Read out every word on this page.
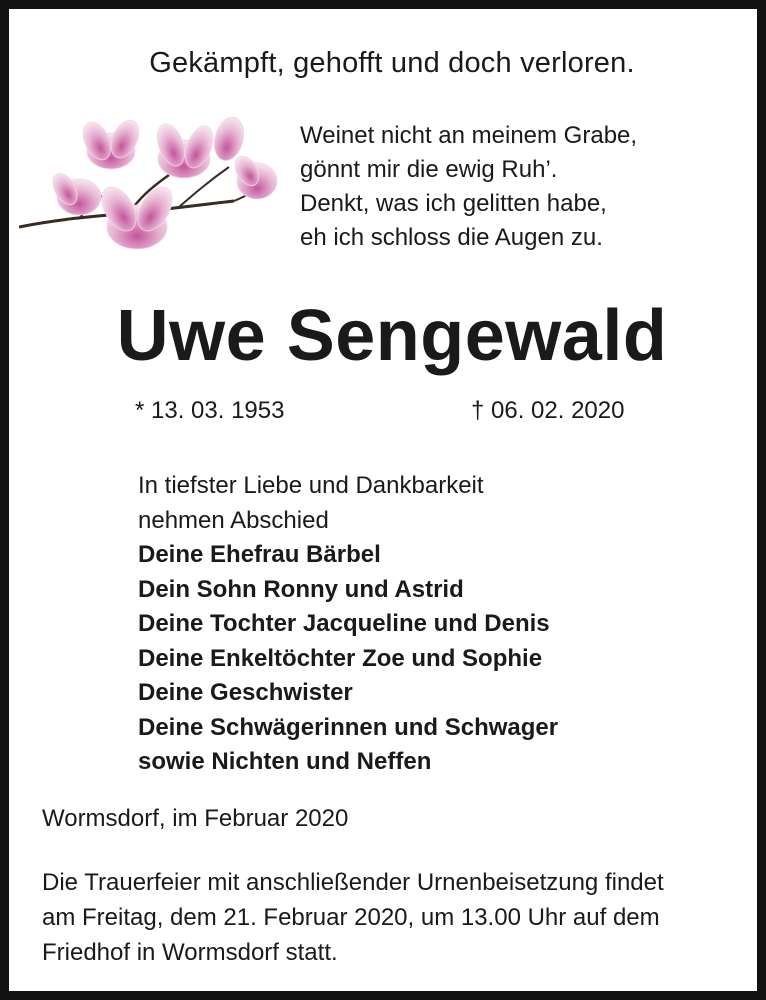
Gekämpft, gehofft und doch verloren.
Weinet nicht an meinem Grabe,
gönnt mir die ewig Ruh’.
Denkt, was ich gelitten habe,
eh ich schloss die Augen zu.
Uwe Sengewald
* 13. 03. 1953	† 06. 02. 2020
In tiefster Liebe und Dankbarkeit
nehmen Abschied
Deine Ehefrau Bärbel
Dein Sohn Ronny und Astrid
Deine Tochter Jacqueline und Denis
Deine Enkeltöchter Zoe und Sophie
Deine Geschwister
Deine Schwägerinnen und Schwager
sowie Nichten und Neffen
Wormsdorf, im Februar 2020
Die Trauerfeier mit anschließender Urnenbeisetzung findet
am Freitag, dem 21. Februar 2020, um 13.00 Uhr auf dem
Friedhof in Wormsdorf statt.
